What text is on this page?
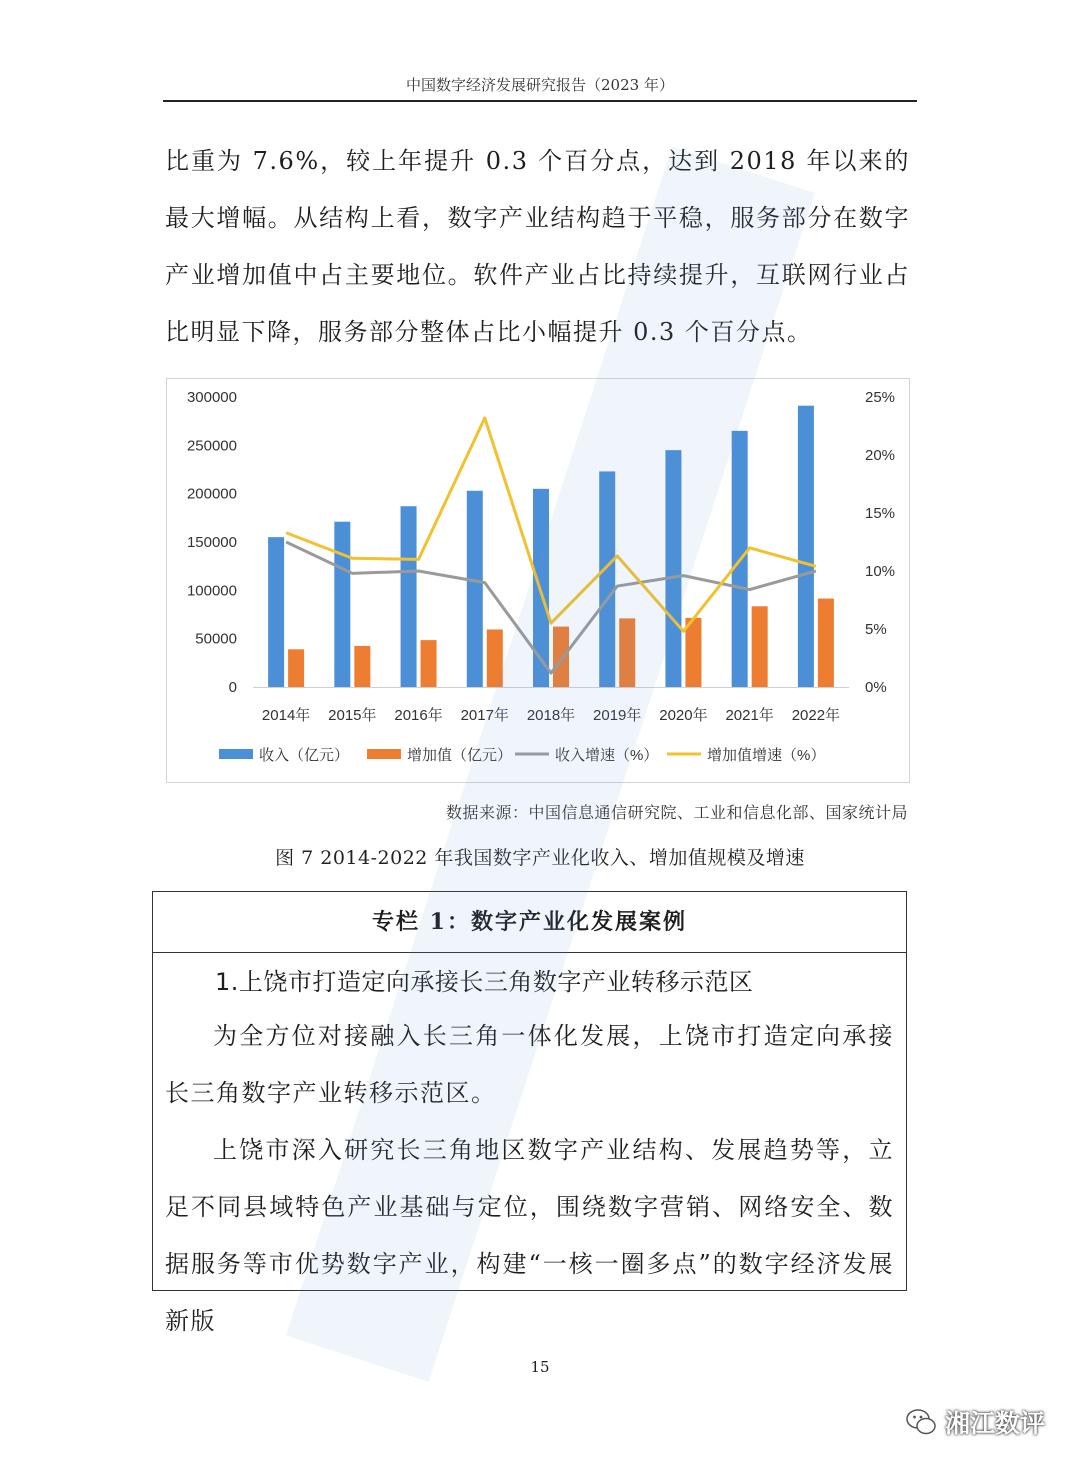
中国数字经济发展研究报告（2023 年）

比重为 7.6%，较上年提升 0.3 个百分点，达到 2018 年以来的最大增幅。从结构上看，数字产业结构趋于平稳，服务部分在数字产业增加值中占主要地位。软件产业占比持续提升，互联网行业占比明显下降，服务部分整体占比小幅提升 0.3 个百分点。

0
50000
100000
150000
200000
250000
300000
0%
5%
10%
15%
20%
25%
2014年 2015年 2016年 2017年 2018年 2019年 2020年 2021年 2022年
收入（亿元）	增加值（亿元）	收入增速（%）	增加值增速（%）
数据来源：中国信息通信研究院、工业和信息化部、国家统计局
图 7 2014-2022 年我国数字产业化收入、增加值规模及增速
专栏 1：数字产业化发展案例

1.上饶市打造定向承接长三角数字产业转移示范区

为全方位对接融入长三角一体化发展，上饶市打造定向承接长三角数字产业转移示范区。

上饶市深入研究长三角地区数字产业结构、发展趋势等，立足不同县域特色产业基础与定位，围绕数字营销、网络安全、数据服务等市优势数字产业，构建“一核一圈多点”的数字经济发展新版

15
湘江数评
